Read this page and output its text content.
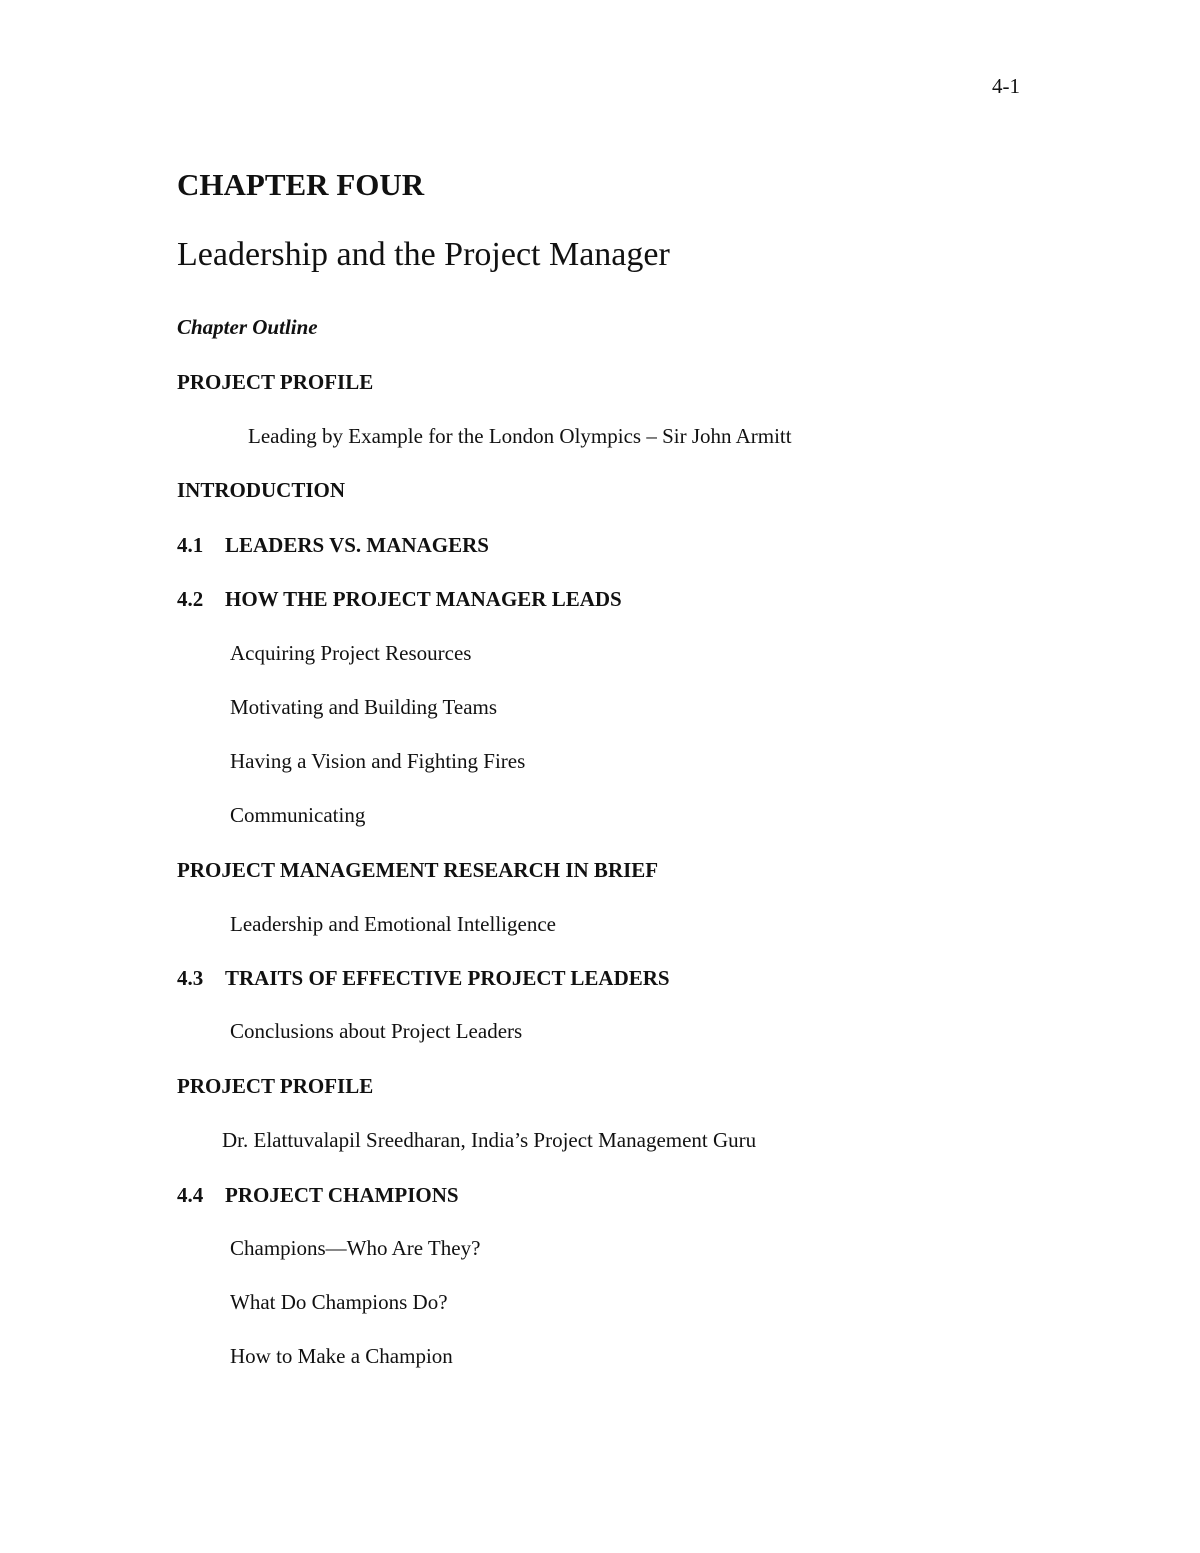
4-1
CHAPTER FOUR
Leadership and the Project Manager
Chapter Outline
PROJECT PROFILE
Leading by Example for the London Olympics – Sir John Armitt
INTRODUCTION
4.1 LEADERS VS. MANAGERS
4.2 HOW THE PROJECT MANAGER LEADS
Acquiring Project Resources
Motivating and Building Teams
Having a Vision and Fighting Fires
Communicating
PROJECT MANAGEMENT RESEARCH IN BRIEF
Leadership and Emotional Intelligence
4.3 TRAITS OF EFFECTIVE PROJECT LEADERS
Conclusions about Project Leaders
PROJECT PROFILE
Dr. Elattuvalapil Sreedharan, India’s Project Management Guru
4.4 PROJECT CHAMPIONS
Champions—Who Are They?
What Do Champions Do?
How to Make a Champion
